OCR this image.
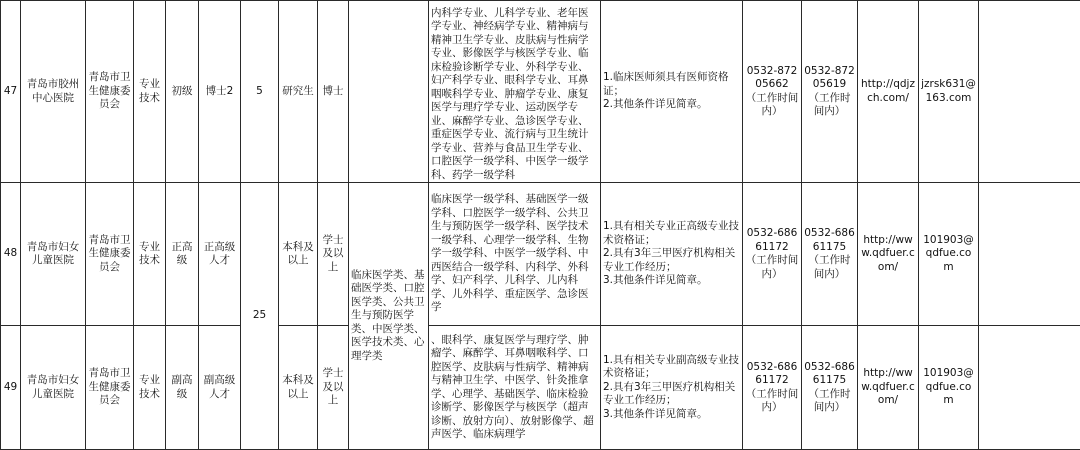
47	青岛市胶州中心医院	青岛市卫生健康委员会	专业技术	初级	博士2	5	研究生	博士		内科学专业、儿科学专业、老年医学专业、神经病学专业、精神病与精神卫生学专业、皮肤病与性病学专业、影像医学与核医学专业、临床检验诊断学专业、外科学专业、妇产科学专业、眼科学专业、耳鼻咽喉科学专业、肿瘤学专业、康复医学与理疗学专业、运动医学专业、麻醉学专业、急诊医学专业、重症医学专业、流行病与卫生统计学专业、营养与食品卫生学专业、口腔医学一级学科、中医学一级学科、药学一级学科	1.临床医师须具有医师资格证；
2.其他条件详见简章。	0532-87205662（工作时间内）	0532-87205619（工作时间内）	http://qdjzch.com/	jzrsk631@163.com	
48	青岛市妇女儿童医院	青岛市卫生健康委员会	专业技术	正高级	正高级人才	25	本科及以上	学士及以上	临床医学类、基础医学类、口腔医学类、公共卫生与预防医学类、中医学类、医学技术类、心理学类	临床医学一级学科、基础医学一级学科、口腔医学一级学科、公共卫生与预防医学一级学科、医学技术一级学科、心理学一级学科、生物学一级学科、中医学一级学科、中西医结合一级学科、内科学、外科学、妇产科学、儿科学、儿内科学、儿外科学、重症医学、急诊医学	1.具有相关专业正高级专业技术资格证；
2.具有3年三甲医疗机构相关专业工作经历；
3.其他条件详见简章。	0532-68661172（工作时间内）	0532-68661175（工作时间内）	http://www.qdfuer.com/	101903@qdfue.com	
49	青岛市妇女儿童医院	青岛市卫生健康委员会	专业技术	副高级	副高级人才		本科及以上	学士及以上		、眼科学、康复医学与理疗学、肿瘤学、麻醉学、耳鼻咽喉科学、口腔医学、皮肤病与性病学、精神病与精神卫生学、中医学、针灸推拿学、心理学、基础医学、临床检验诊断学、影像医学与核医学（超声诊断、放射方向）、放射影像学、超声医学、临床病理学	1.具有相关专业副高级专业技术资格证；
2.具有3年三甲医疗机构相关专业工作经历；
3.其他条件详见简章。	0532-68661172（工作时间内）	0532-68661175（工作时间内）	http://www.qdfuer.com/	101903@qdfue.com	
